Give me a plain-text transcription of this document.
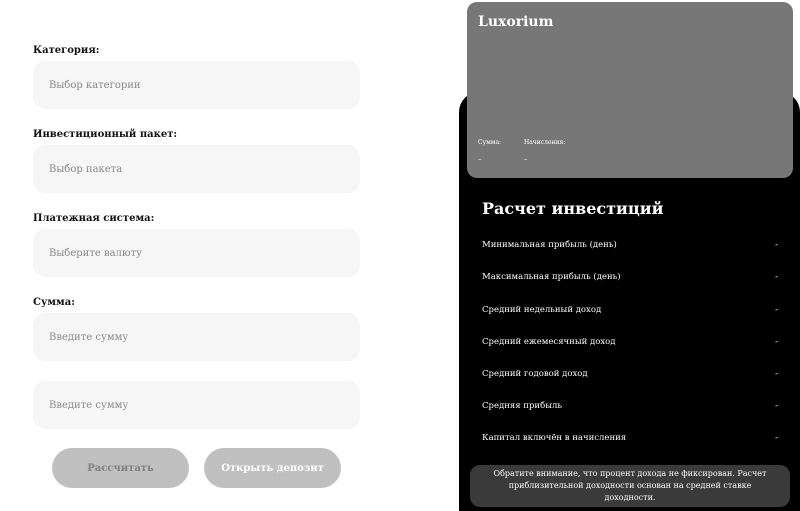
Категория:
Выбор категории
Инвестиционный пакет:
Выбор пакета
Платежная система:
Выберите валюту
Сумма:
Введите сумму
Введите сумму
Рассчитать	Открыть депозит
Luxorium
Сумма:
–
Начисления:
–
Расчет инвестиций
Минимальная прибыль (день)	-
Максимальная прибыль (день)	-
Средний недельный доход	-
Средний ежемесячный доход	-
Средний годовой доход	-
Средняя прибыль	-
Капитал включён в начисления	-
Обратите внимание, что процент дохода не фиксирован. Расчет приблизительной доходности основан на средней ставке доходности.
